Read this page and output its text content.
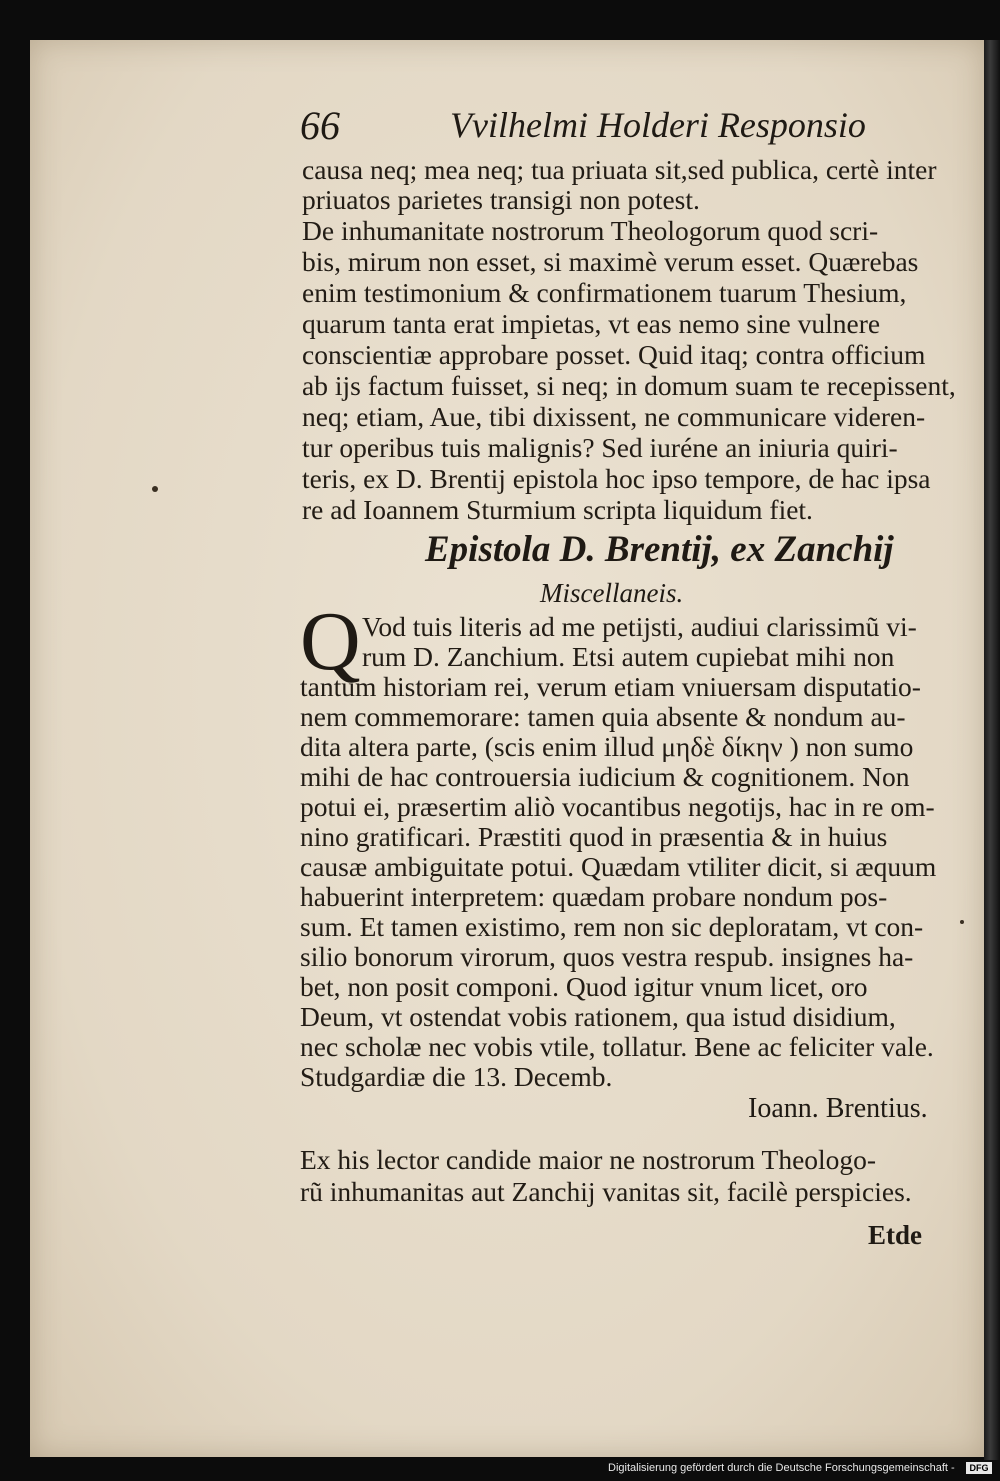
66	Vvilhelmi Holderi Responsio
causa neq; mea neq; tua priuata sit,sed publica, certè inter
priuatos parietes transigi non potest.
De inhumanitate nostrorum Theologorum quod scri-
bis, mirum non esset, si maximè verum esset. Quærebas
enim testimonium & confirmationem tuarum Thesium,
quarum tanta erat impietas, vt eas nemo sine vulnere
conscientiæ approbare posset. Quid itaq; contra officium
ab ijs factum fuisset, si neq; in domum suam te recepissent,
neq; etiam, Aue, tibi dixissent, ne communicare videren-
tur operibus tuis malignis? Sed iuréne an iniuria quiri-
teris, ex D. Brentij epistola hoc ipso tempore, de hac ipsa
re ad Ioannem Sturmium scripta liquidum fiet.
Epistola D. Brentij, ex Zanchij
Miscellaneis.
Q Vod tuis literis ad me petijsti, audiui clarissimũ vi-
rum D. Zanchium. Etsi autem cupiebat mihi non
tantum historiam rei, verum etiam vniuersam disputatio-
nem commemorare: tamen quia absente & nondum au-
dita altera parte, (scis enim illud μηδὲ δίκην ) non sumo
mihi de hac controuersia iudicium & cognitionem. Non
potui ei, præsertim aliò vocantibus negotijs, hac in re om-
nino gratificari. Præstiti quod in præsentia & in huius
causæ ambiguitate potui. Quædam vtiliter dicit, si æquum
habuerint interpretem: quædam probare nondum pos-
sum. Et tamen existimo, rem non sic deploratam, vt con-
silio bonorum virorum, quos vestra respub. insignes ha-
bet, non posit componi. Quod igitur vnum licet, oro
Deum, vt ostendat vobis rationem, qua istud disidium,
nec scholæ nec vobis vtile, tollatur. Bene ac feliciter vale.
Studgardiæ die 13. Decemb.
Ioann. Brentius.
Ex his lector candide maior ne nostrorum Theologo-
rũ inhumanitas aut Zanchij vanitas sit, facilè perspicies.
Etde
Digitalisierung gefördert durch die Deutsche Forschungsgemeinschaft -	DFG
